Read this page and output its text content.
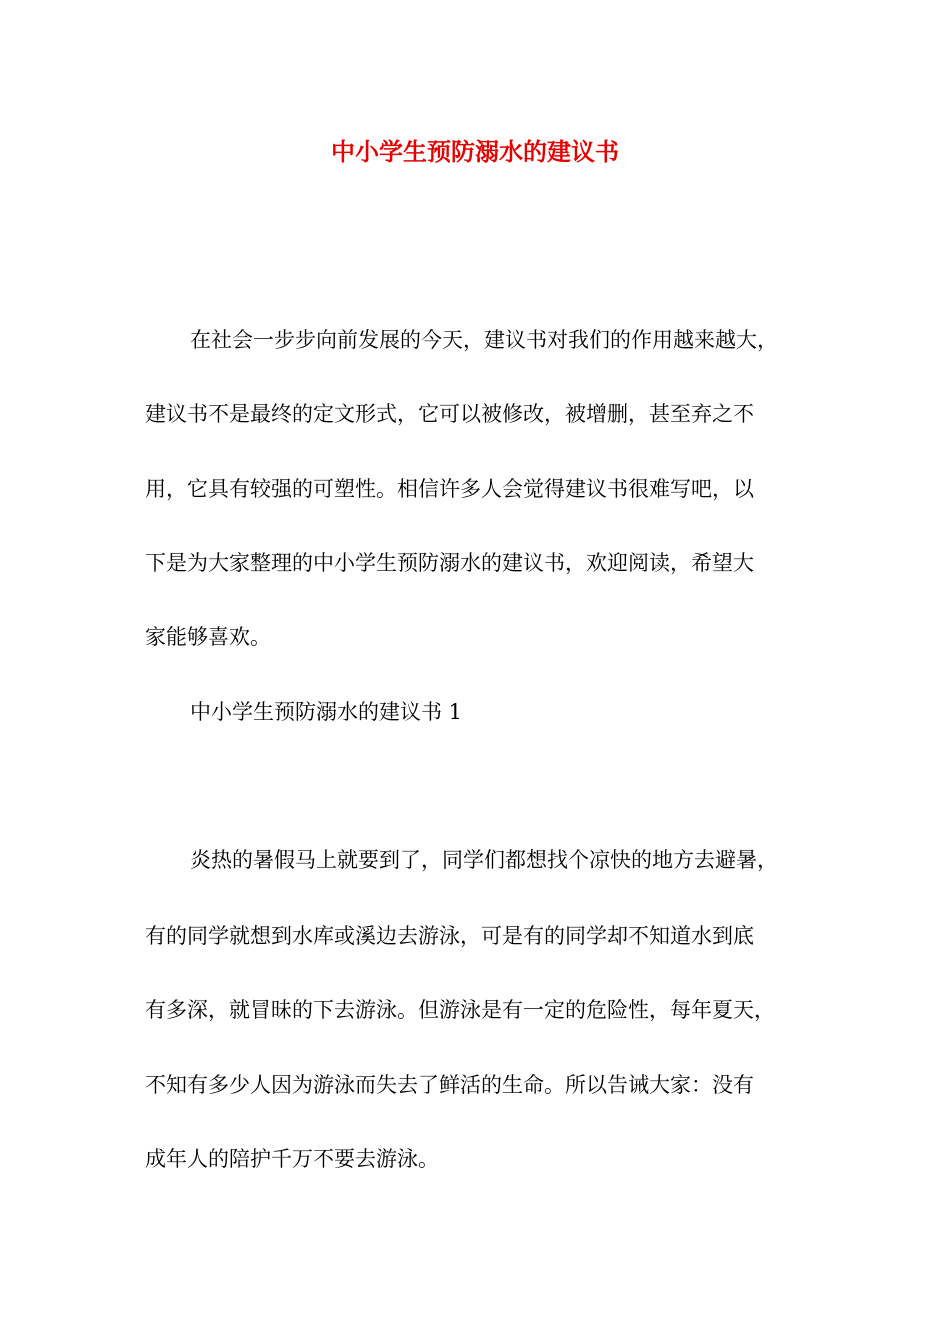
中小学生预防溺水的建议书

在社会一步步向前发展的今天，建议书对我们的作用越来越大，

建议书不是最终的定文形式，它可以被修改，被增删，甚至弃之不

用，它具有较强的可塑性。相信许多人会觉得建议书很难写吧，以

下是为大家整理的中小学生预防溺水的建议书，欢迎阅读，希望大

家能够喜欢。

中小学生预防溺水的建议书 1

炎热的暑假马上就要到了，同学们都想找个凉快的地方去避暑，

有的同学就想到水库或溪边去游泳，可是有的同学却不知道水到底

有多深，就冒昧的下去游泳。但游泳是有一定的危险性，每年夏天，

不知有多少人因为游泳而失去了鲜活的生命。所以告诫大家：没有

成年人的陪护千万不要去游泳。
